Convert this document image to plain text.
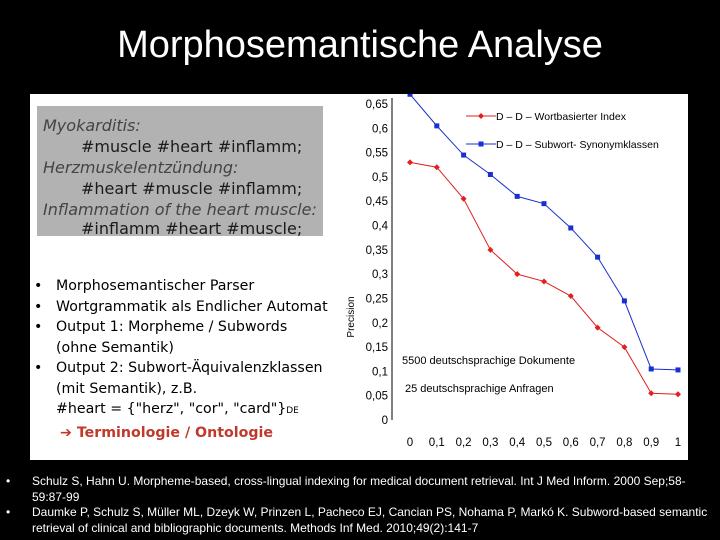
Morphosemantische Analyse
Myokarditis:
#muscle #heart #inflamm;
Herzmuskelentzündung:
#heart #muscle #inflamm;
Inflammation of the heart muscle:
#inflamm #heart #muscle;
• Morphosemantischer Parser
• Wortgrammatik als Endlicher Automat
• Output 1: Morpheme / Subwords
(ohne Semantik)
• Output 2: Subwort-Äquivalenzklassen
(mit Semantik), z.B.
#heart = {"herz", "cor", "card"}DE
➔ Terminologie / Ontologie
0
0,05
0,1
0,15
0,2
0,25
0,3
0,35
0,4
0,45
0,5
0,55
0,6
0,65
0 0,1 0,2 0,3 0,4 0,5 0,6 0,7 0,8 0,9 1
Precision
D – D – Wortbasierter Index
D – D – Subwort- Synonymklassen
5500 deutschsprachige Dokumente
25 deutschsprachige Anfragen
• Schulz S, Hahn U. Morpheme-based, cross-lingual indexing for medical document retrieval. Int J Med Inform. 2000 Sep;58-59:87-99
• Daumke P, Schulz S, Müller ML, Dzeyk W, Prinzen L, Pacheco EJ, Cancian PS, Nohama P, Markó K. Subword-based semantic retrieval of clinical and bibliographic documents. Methods Inf Med. 2010;49(2):141-7
